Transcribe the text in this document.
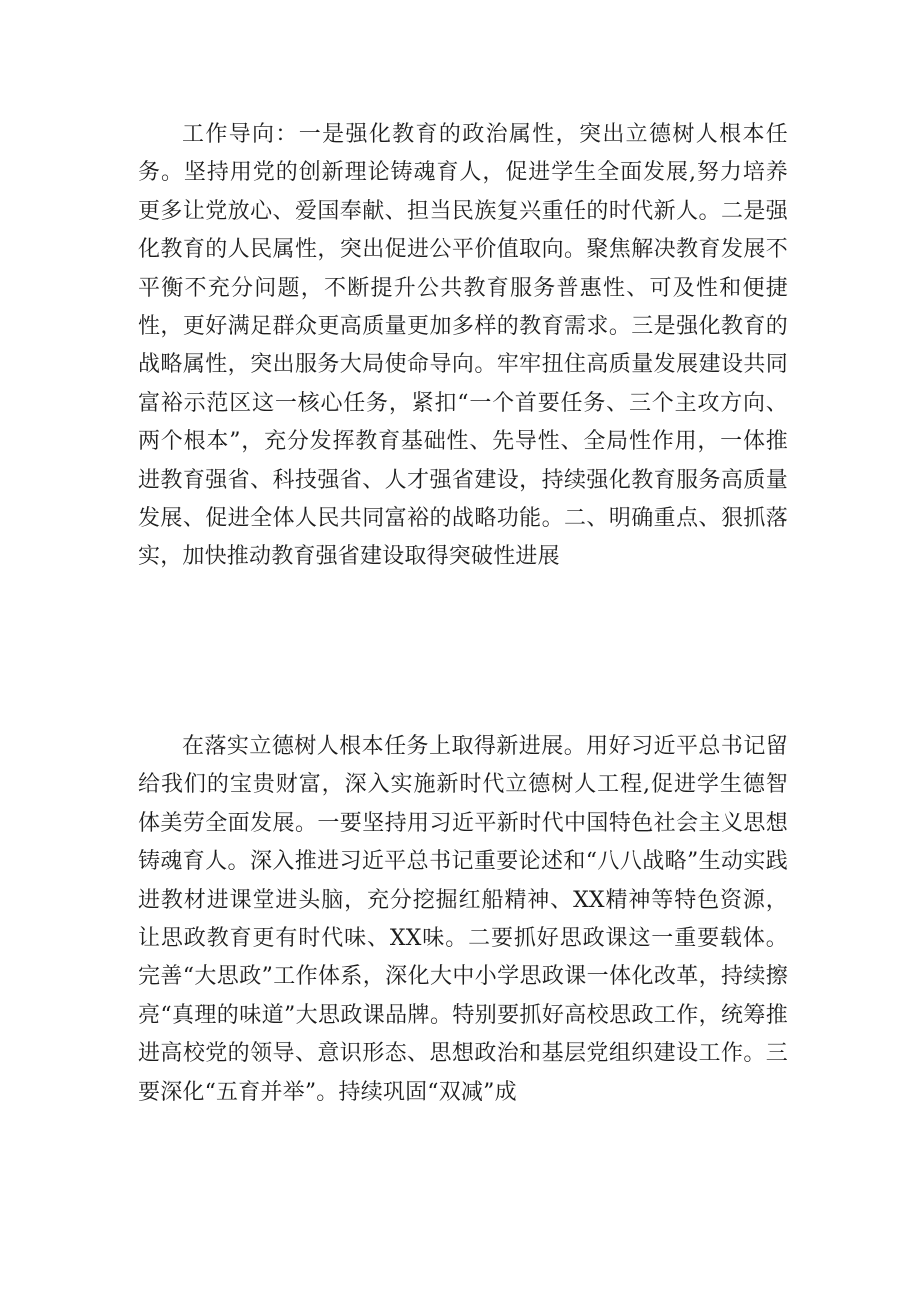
工作导向：一是强化教育的政治属性，突出立德树人根本任务。坚持用党的创新理论铸魂育人，促进学生全面发展,努力培养更多让党放心、爱国奉献、担当民族复兴重任的时代新人。二是强化教育的人民属性，突出促进公平价值取向。聚焦解决教育发展不平衡不充分问题，不断提升公共教育服务普惠性、可及性和便捷性，更好满足群众更高质量更加多样的教育需求。三是强化教育的战略属性，突出服务大局使命导向。牢牢扭住高质量发展建设共同富裕示范区这一核心任务，紧扣“一个首要任务、三个主攻方向、两个根本”，充分发挥教育基础性、先导性、全局性作用，一体推进教育强省、科技强省、人才强省建设，持续强化教育服务高质量发展、促进全体人民共同富裕的战略功能。二、明确重点、狠抓落实，加快推动教育强省建设取得突破性进展

在落实立德树人根本任务上取得新进展。用好习近平总书记留给我们的宝贵财富，深入实施新时代立德树人工程,促进学生德智体美劳全面发展。一要坚持用习近平新时代中国特色社会主义思想铸魂育人。深入推进习近平总书记重要论述和“八八战略”生动实践进教材进课堂进头脑，充分挖掘红船精神、XX精神等特色资源，让思政教育更有时代味、XX味。二要抓好思政课这一重要载体。完善“大思政”工作体系，深化大中小学思政课一体化改革，持续擦亮“真理的味道”大思政课品牌。特别要抓好高校思政工作，统筹推进高校党的领导、意识形态、思想政治和基层党组织建设工作。三要深化“五育并举”。持续巩固“双减”成
